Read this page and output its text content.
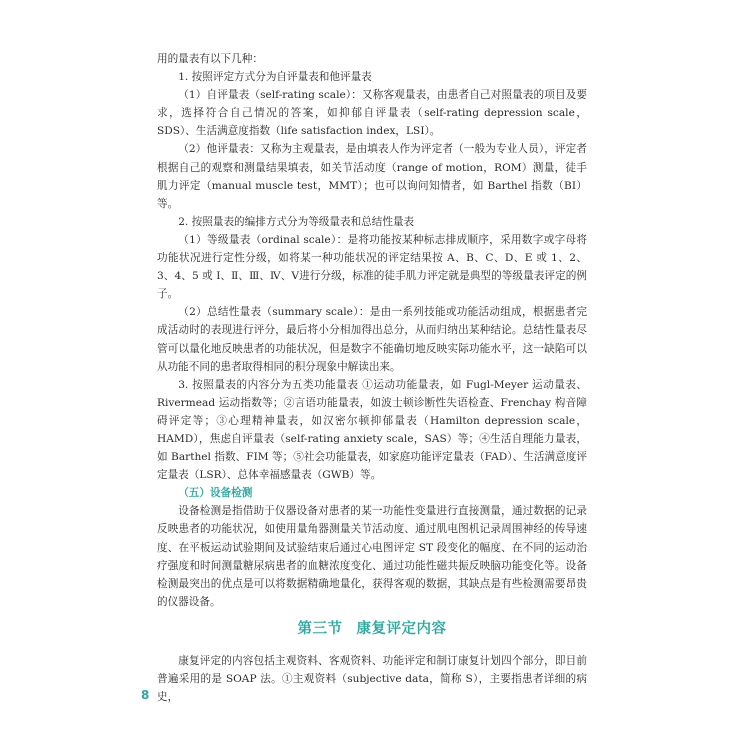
用的量表有以下几种：

1. 按照评定方式分为自评量表和他评量表

（1）自评量表（self-rating scale）：又称客观量表，由患者自己对照量表的项目及要求，选择符合自己情况的答案，如抑郁自评量表（self-rating depression scale，SDS）、生活满意度指数（life satisfaction index，LSI）。

（2）他评量表：又称为主观量表，是由填表人作为评定者（一般为专业人员），评定者根据自己的观察和测量结果填表，如关节活动度（range of motion，ROM）测量，徒手肌力评定（manual muscle test，MMT）；也可以询问知情者，如 Barthel 指数（BI）等。

2. 按照量表的编排方式分为等级量表和总结性量表

（1）等级量表（ordinal scale）：是将功能按某种标志排成顺序，采用数字或字母将功能状况进行定性分级，如将某一种功能状况的评定结果按 A、B、C、D、E 或 1、2、3、4、5 或 Ⅰ、Ⅱ、Ⅲ、Ⅳ、Ⅴ进行分级，标准的徒手肌力评定就是典型的等级量表评定的例子。

（2）总结性量表（summary scale）：是由一系列技能或功能活动组成，根据患者完成活动时的表现进行评分，最后将小分相加得出总分，从而归纳出某种结论。总结性量表尽管可以量化地反映患者的功能状况，但是数字不能确切地反映实际功能水平，这一缺陷可以从功能不同的患者取得相同的积分现象中解读出来。

3. 按照量表的内容分为五类功能量表 ①运动功能量表，如 Fugl-Meyer 运动量表、Rivermead 运动指数等；②言语功能量表，如波士顿诊断性失语检查、Frenchay 构音障碍评定等；③心理精神量表，如汉密尔顿抑郁量表（Hamilton depression scale，HAMD），焦虑自评量表（self-rating anxiety scale，SAS）等；④生活自理能力量表，如 Barthel 指数、FIM 等；⑤社会功能量表，如家庭功能评定量表（FAD）、生活满意度评定量表（LSR）、总体幸福感量表（GWB）等。

（五）设备检测

设备检测是指借助于仪器设备对患者的某一功能性变量进行直接测量，通过数据的记录反映患者的功能状况，如使用量角器测量关节活动度、通过肌电图机记录周围神经的传导速度、在平板运动试验期间及试验结束后通过心电图评定 ST 段变化的幅度、在不同的运动治疗强度和时间测量糖尿病患者的血糖浓度变化、通过功能性磁共振反映脑功能变化等。设备检测最突出的优点是可以将数据精确地量化，获得客观的数据，其缺点是有些检测需要昂贵的仪器设备。

第三节 康复评定内容

康复评定的内容包括主观资料、客观资料、功能评定和制订康复计划四个部分，即目前普遍采用的是 SOAP 法。①主观资料（subjective data，简称 S），主要指患者详细的病史，

8
